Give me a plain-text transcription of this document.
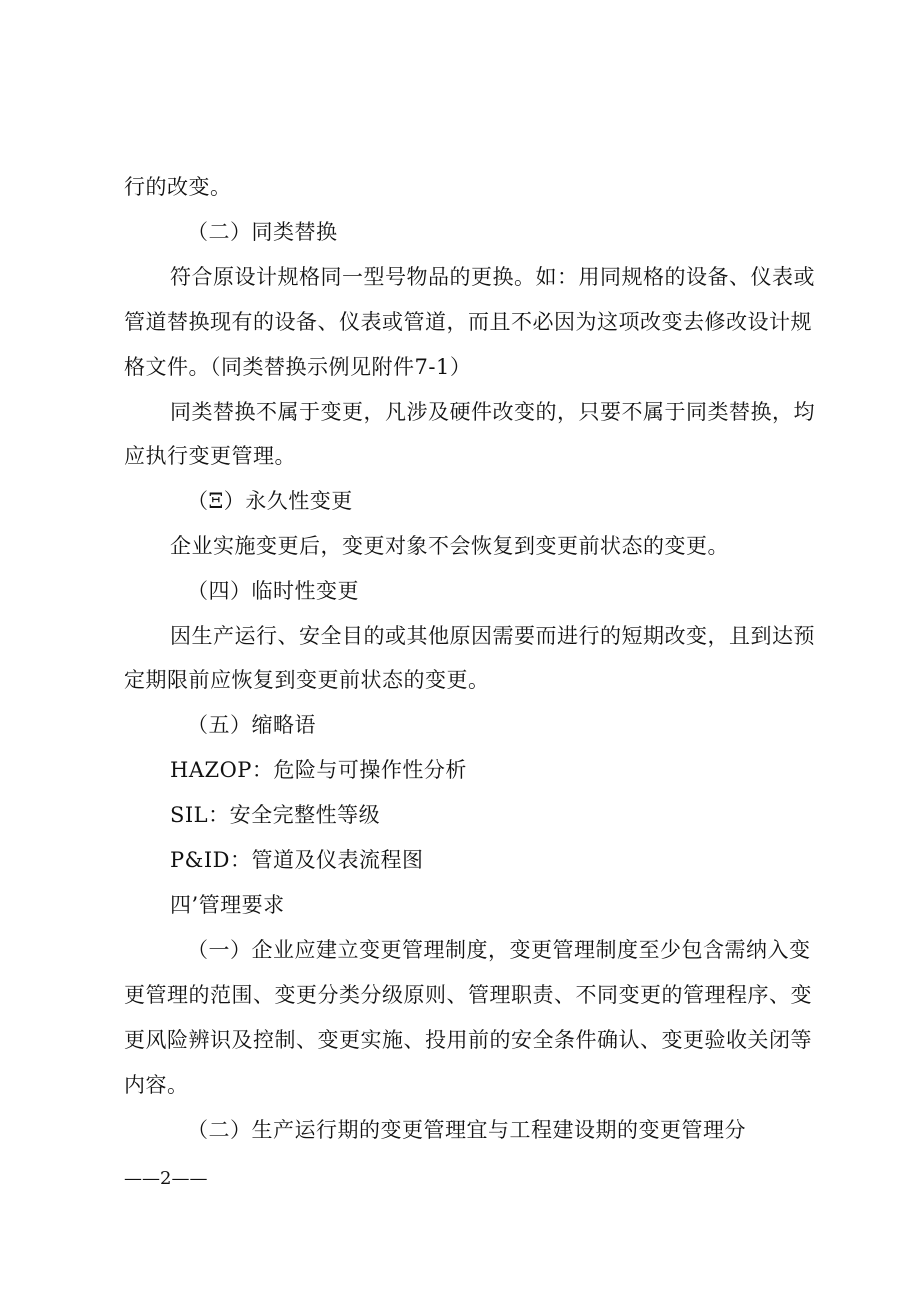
行的改变。
（二）同类替换
符合原设计规格同一型号物品的更换。如：用同规格的设备、仪表或
管道替换现有的设备、仪表或管道，而且不必因为这项改变去修改设计规
格文件。（同类替换示例见附件7-1）
同类替换不属于变更，凡涉及硬件改变的，只要不属于同类替换，均
应执行变更管理。
（Ξ）永久性变更
企业实施变更后，变更对象不会恢复到变更前状态的变更。
（四）临时性变更
因生产运行、安全目的或其他原因需要而进行的短期改变，且到达预
定期限前应恢复到变更前状态的变更。
（五）缩略语
HAZOP：危险与可操作性分析
SIL：安全完整性等级
P&ID：管道及仪表流程图
四’管理要求
（一）企业应建立变更管理制度，变更管理制度至少包含需纳入变
更管理的范围、变更分类分级原则、管理职责、不同变更的管理程序、变
更风险辨识及控制、变更实施、投用前的安全条件确认、变更验收关闭等
内容。
（二）生产运行期的变更管理宜与工程建设期的变更管理分
——2——
